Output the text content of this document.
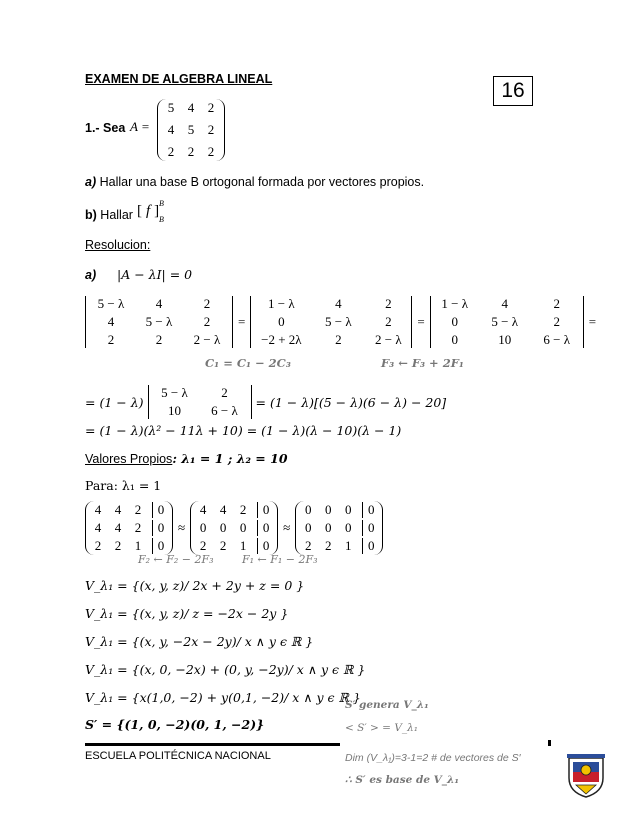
EXAMEN DE ALGEBRA LINEAL	16
1.- Sea A =
5 4 2
4 5 2
2 2 2
a) Hallar una base B ortogonal formada por vectores propios.
b) Hallar [ f ] B
B
Resolucion:
a) |A − λI| = 0
5 − λ	4	2
4	5 − λ	2
2	2	2 − λ
=
1 − λ	4	2
0	5 − λ	2
−2 + 2λ	2	2 − λ
=
1 − λ	4	2
0	5 − λ	2
0	10	6 − λ
=
C₁ = C₁ − 2C₃	F₃ ← F₃ + 2F₁
= (1 − λ)
5 − λ	2
10	6 − λ
= (1 − λ)[(5 − λ)(6 − λ) − 20]
= (1 − λ)(λ² − 11λ + 10) = (1 − λ)(λ − 10)(λ − 1)
Valores Propios: λ₁ = 1 ; λ₂ = 10
Para: λ₁ = 1
4 4 2	0
4 4 2	0
2 2 1	0
≈
4 4 2	0
0 0 0	0
2 2 1	0
≈
0 0 0	0
0 0 0	0
2 2 1	0
F₂ ← F₂ − 2F₃	F₁ ← F₁ − 2F₃
V_λ₁ = {(x, y, z)/ 2x + 2y + z = 0 }
V_λ₁ = {(x, y, z)/ z = −2x − 2y }
V_λ₁ = {(x, y, −2x − 2y)/ x ∧ y ϵ ℝ }
V_λ₁ = {(x, 0, −2x) + (0, y, −2y)/ x ∧ y ϵ ℝ }
V_λ₁ = {x(1,0, −2) + y(0,1, −2)/ x ∧ y ϵ ℝ }
S′ = {(1, 0, −2)(0, 1, −2)}
S′ genera V_λ₁
< S′ > = V_λ₁
Dim (V_λ₁)=3-1=2 # de vectores de S′
∴ S′ es base de V_λ₁
ESCUELA POLITÉCNICA NACIONAL
